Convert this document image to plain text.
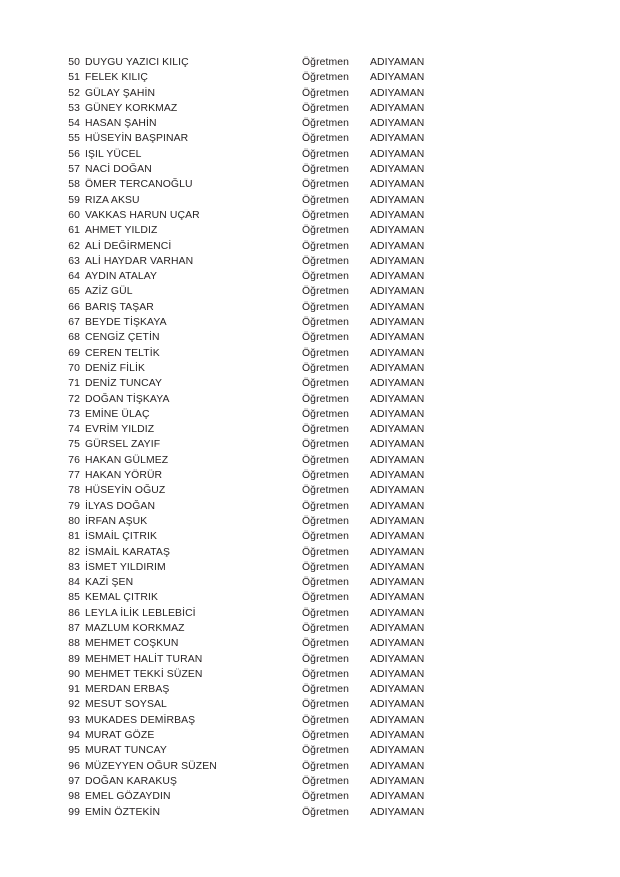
50 DUYGU YAZICI KILIÇ	Öğretmen ADIYAMAN
51 FELEK KILIÇ	Öğretmen ADIYAMAN
52 GÜLAY ŞAHİN	Öğretmen ADIYAMAN
53 GÜNEY KORKMAZ	Öğretmen ADIYAMAN
54 HASAN ŞAHİN	Öğretmen ADIYAMAN
55 HÜSEYİN BAŞPINAR	Öğretmen ADIYAMAN
56 IŞIL YÜCEL	Öğretmen ADIYAMAN
57 NACİ DOĞAN	Öğretmen ADIYAMAN
58 ÖMER TERCANOĞLU	Öğretmen ADIYAMAN
59 RIZA AKSU	Öğretmen ADIYAMAN
60 VAKKAS HARUN UÇAR	Öğretmen ADIYAMAN
61 AHMET YILDIZ	Öğretmen ADIYAMAN
62 ALİ DEĞİRMENCİ	Öğretmen ADIYAMAN
63 ALİ HAYDAR VARHAN	Öğretmen ADIYAMAN
64 AYDIN ATALAY	Öğretmen ADIYAMAN
65 AZİZ GÜL	Öğretmen ADIYAMAN
66 BARIŞ TAŞAR	Öğretmen ADIYAMAN
67 BEYDE TİŞKAYA	Öğretmen ADIYAMAN
68 CENGİZ ÇETİN	Öğretmen ADIYAMAN
69 CEREN TELTİK	Öğretmen ADIYAMAN
70 DENİZ FİLİK	Öğretmen ADIYAMAN
71 DENİZ TUNCAY	Öğretmen ADIYAMAN
72 DOĞAN TİŞKAYA	Öğretmen ADIYAMAN
73 EMİNE ÜLAÇ	Öğretmen ADIYAMAN
74 EVRİM YILDIZ	Öğretmen ADIYAMAN
75 GÜRSEL ZAYIF	Öğretmen ADIYAMAN
76 HAKAN GÜLMEZ	Öğretmen ADIYAMAN
77 HAKAN YÖRÜR	Öğretmen ADIYAMAN
78 HÜSEYİN OĞUZ	Öğretmen ADIYAMAN
79 İLYAS DOĞAN	Öğretmen ADIYAMAN
80 İRFAN AŞUK	Öğretmen ADIYAMAN
81 İSMAİL ÇITRIK	Öğretmen ADIYAMAN
82 İSMAİL KARATAŞ	Öğretmen ADIYAMAN
83 İSMET YILDIRIM	Öğretmen ADIYAMAN
84 KAZİ ŞEN	Öğretmen ADIYAMAN
85 KEMAL ÇITRIK	Öğretmen ADIYAMAN
86 LEYLA İLİK LEBLEBİCİ	Öğretmen ADIYAMAN
87 MAZLUM KORKMAZ	Öğretmen ADIYAMAN
88 MEHMET COŞKUN	Öğretmen ADIYAMAN
89 MEHMET HALİT TURAN	Öğretmen ADIYAMAN
90 MEHMET TEKKİ SÜZEN	Öğretmen ADIYAMAN
91 MERDAN ERBAŞ	Öğretmen ADIYAMAN
92 MESUT SOYSAL	Öğretmen ADIYAMAN
93 MUKADES DEMİRBAŞ	Öğretmen ADIYAMAN
94 MURAT GÖZE	Öğretmen ADIYAMAN
95 MURAT TUNCAY	Öğretmen ADIYAMAN
96 MÜZEYYEN OĞUR SÜZEN	Öğretmen ADIYAMAN
97 DOĞAN KARAKUŞ	Öğretmen ADIYAMAN
98 EMEL GÖZAYDIN	Öğretmen ADIYAMAN
99 EMİN ÖZTEKİN	Öğretmen ADIYAMAN
